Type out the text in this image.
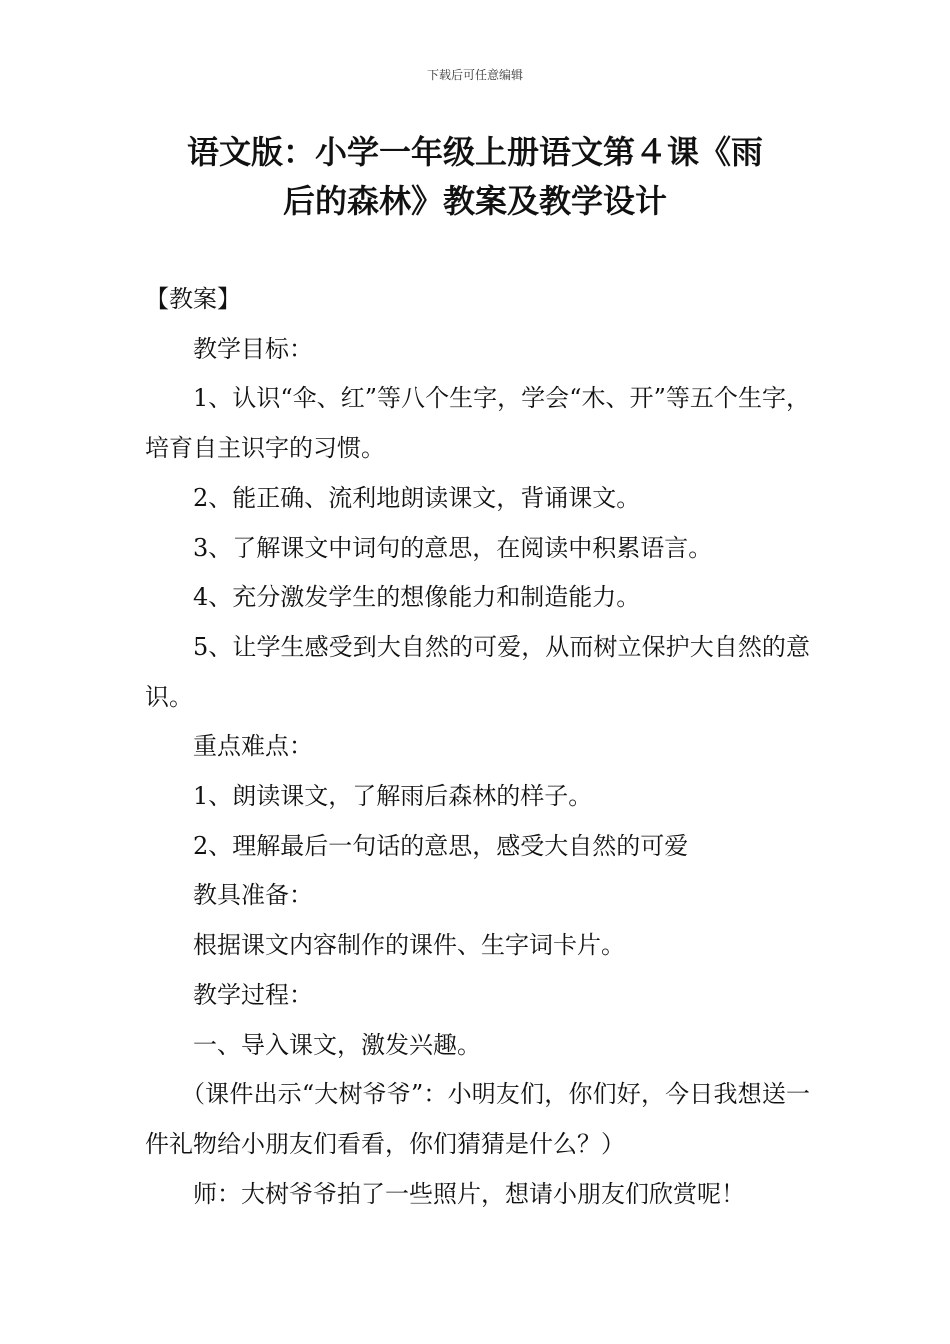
下载后可任意编辑
语文版：小学一年级上册语文第４课《雨
后的森林》教案及教学设计

【教案】

教学目标：

1、认识“伞、红”等八个生字，学会“木、开”等五个生字，培育自主识字的习惯。

2、能正确、流利地朗读课文，背诵课文。

3、了解课文中词句的意思，在阅读中积累语言。

4、充分激发学生的想像能力和制造能力。

5、让学生感受到大自然的可爱，从而树立保护大自然的意识。

重点难点：

1、朗读课文，了解雨后森林的样子。

2、理解最后一句话的意思，感受大自然的可爱

教具准备：

根据课文内容制作的课件、生字词卡片。

教学过程：

一、导入课文，激发兴趣。

（课件出示“大树爷爷”：小明友们，你们好，今日我想送一件礼物给小朋友们看看，你们猜猜是什么？）

师：大树爷爷拍了一些照片，想请小朋友们欣赏呢！
